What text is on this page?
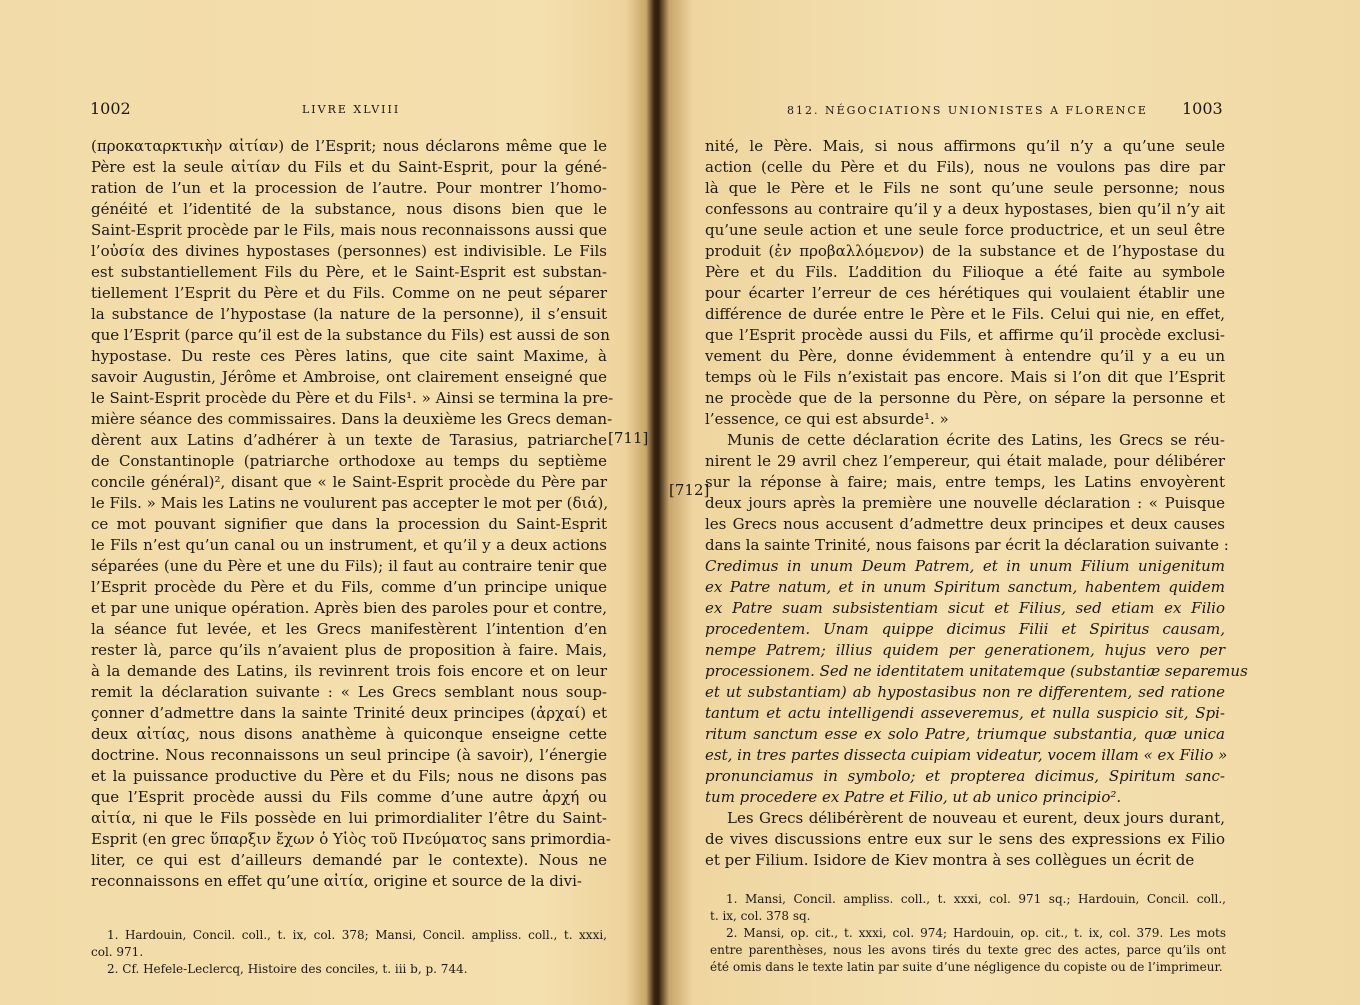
1002	LIVRE XLVIII
(προκαταρκτικὴν αἰτίαν) de l’Esprit; nous déclarons même que le
Père est la seule αἰτίαν du Fils et du Saint-Esprit, pour la géné-
ration de l’un et la procession de l’autre. Pour montrer l’homo-
généité et l’identité de la substance, nous disons bien que le
Saint-Esprit procède par le Fils, mais nous reconnaissons aussi que
l’οὐσία des divines hypostases (personnes) est indivisible. Le Fils
est substantiellement Fils du Père, et le Saint-Esprit est substan-
tiellement l’Esprit du Père et du Fils. Comme on ne peut séparer
la substance de l’hypostase (la nature de la personne), il s’ensuit
que l’Esprit (parce qu’il est de la substance du Fils) est aussi de son
hypostase. Du reste ces Pères latins, que cite saint Maxime, à
savoir Augustin, Jérôme et Ambroise, ont clairement enseigné que
le Saint-Esprit procède du Père et du Fils¹. » Ainsi se termina la pre-
mière séance des commissaires. Dans la deuxième les Grecs deman-
dèrent aux Latins d’adhérer à un texte de Tarasius, patriarche
de Constantinople (patriarche orthodoxe au temps du septième
concile général)², disant que « le Saint-Esprit procède du Père par
le Fils. » Mais les Latins ne voulurent pas accepter le mot per (διά),
ce mot pouvant signifier que dans la procession du Saint-Esprit
le Fils n’est qu’un canal ou un instrument, et qu’il y a deux actions
séparées (une du Père et une du Fils); il faut au contraire tenir que
l’Esprit procède du Père et du Fils, comme d’un principe unique
et par une unique opération. Après bien des paroles pour et contre,
la séance fut levée, et les Grecs manifestèrent l’intention d’en
rester là, parce qu’ils n’avaient plus de proposition à faire. Mais,
à la demande des Latins, ils revinrent trois fois encore et on leur
remit la déclaration suivante : « Les Grecs semblant nous soup-
çonner d’admettre dans la sainte Trinité deux principes (ἀρχαί) et
deux αἰτίας, nous disons anathème à quiconque enseigne cette
doctrine. Nous reconnaissons un seul principe (à savoir), l’énergie
et la puissance productive du Père et du Fils; nous ne disons pas
que l’Esprit procède aussi du Fils comme d’une autre ἀρχή ou
αἰτία, ni que le Fils possède en lui primordialiter l’être du Saint-
Esprit (en grec ὕπαρξιν ἔχων ὁ Υἱὸς τοῦ Πνεύματος sans primordia-
liter, ce qui est d’ailleurs demandé par le contexte). Nous ne
reconnaissons en effet qu’une αἰτία, origine et source de la divi-
[711]
1. Hardouin, Concil. coll., t. ix, col. 378; Mansi, Concil. ampliss. coll., t. xxxi,
col. 971.
2. Cf. Hefele-Leclercq, Histoire des conciles, t. iii b, p. 744.
812. NÉGOCIATIONS UNIONISTES A FLORENCE 1003
nité, le Père. Mais, si nous affirmons qu’il n’y a qu’une seule
action (celle du Père et du Fils), nous ne voulons pas dire par
là que le Père et le Fils ne sont qu’une seule personne; nous
confessons au contraire qu’il y a deux hypostases, bien qu’il n’y ait
qu’une seule action et une seule force productrice, et un seul être
produit (ἐν προβαλλόμενον) de la substance et de l’hypostase du
Père et du Fils. L’addition du Filioque a été faite au symbole
pour écarter l’erreur de ces hérétiques qui voulaient établir une
différence de durée entre le Père et le Fils. Celui qui nie, en effet,
que l’Esprit procède aussi du Fils, et affirme qu’il procède exclusi-
vement du Père, donne évidemment à entendre qu’il y a eu un
temps où le Fils n’existait pas encore. Mais si l’on dit que l’Esprit
ne procède que de la personne du Père, on sépare la personne et
l’essence, ce qui est absurde¹. »
Munis de cette déclaration écrite des Latins, les Grecs se réu-
nirent le 29 avril chez l’empereur, qui était malade, pour délibérer
sur la réponse à faire; mais, entre temps, les Latins envoyèrent
deux jours après la première une nouvelle déclaration : « Puisque
les Grecs nous accusent d’admettre deux principes et deux causes
dans la sainte Trinité, nous faisons par écrit la déclaration suivante :
Credimus in unum Deum Patrem, et in unum Filium unigenitum
ex Patre natum, et in unum Spiritum sanctum, habentem quidem
ex Patre suam subsistentiam sicut et Filius, sed etiam ex Filio
procedentem. Unam quippe dicimus Filii et Spiritus causam,
nempe Patrem; illius quidem per generationem, hujus vero per
processionem. Sed ne identitatem unitatemque (substantiæ separemus
et ut substantiam) ab hypostasibus non re differentem, sed ratione
tantum et actu intelligendi asseveremus, et nulla suspicio sit, Spi-
ritum sanctum esse ex solo Patre, triumque substantia, quæ unica
est, in tres partes dissecta cuipiam videatur, vocem illam « ex Filio »
pronunciamus in symbolo; et propterea dicimus, Spiritum sanc-
tum procedere ex Patre et Filio, ut ab unico principio².
Les Grecs délibérèrent de nouveau et eurent, deux jours durant,
de vives discussions entre eux sur le sens des expressions ex Filio
et per Filium. Isidore de Kiev montra à ses collègues un écrit de
[712]
1. Mansi, Concil. ampliss. coll., t. xxxi, col. 971 sq.; Hardouin, Concil. coll.,
t. ix, col. 378 sq.
2. Mansi, op. cit., t. xxxi, col. 974; Hardouin, op. cit., t. ix, col. 379. Les mots
entre parenthèses, nous les avons tirés du texte grec des actes, parce qu’ils ont
été omis dans le texte latin par suite d’une négligence du copiste ou de l’imprimeur.
